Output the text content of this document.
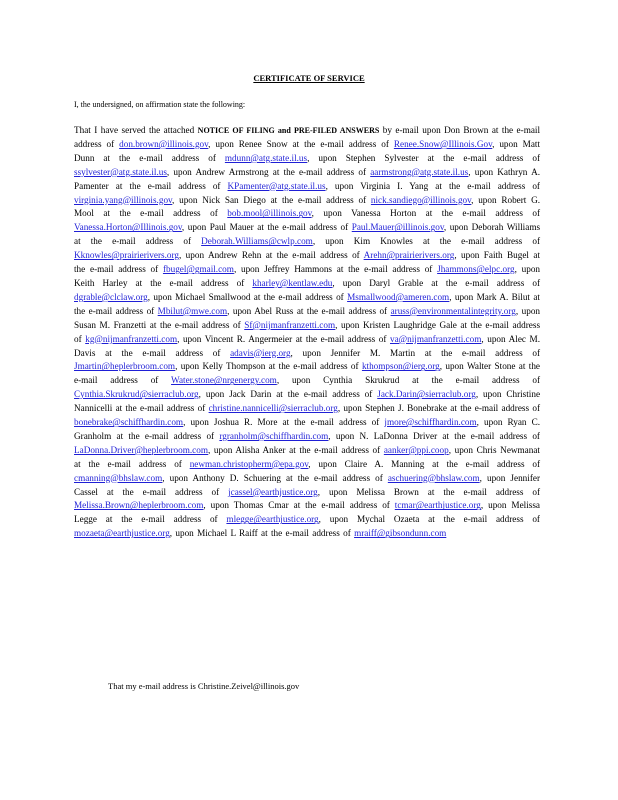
CERTIFICATE OF SERVICE
I, the undersigned, on affirmation state the following:
That I have served the attached NOTICE OF FILING and PRE-FILED ANSWERS by e-mail upon Don Brown at the e-mail address of don.brown@illinois.gov, upon Renee Snow at the e-mail address of Renee.Snow@Illinois.Gov, upon Matt Dunn at the e-mail address of mdunn@atg.state.il.us, upon Stephen Sylvester at the e-mail address of ssylvester@atg.state.il.us, upon Andrew Armstrong at the e-mail address of aarmstrong@atg.state.il.us, upon Kathryn A. Pamenter at the e-mail address of KPamenter@atg.state.il.us, upon Virginia I. Yang at the e-mail address of virginia.yang@illinois.gov, upon Nick San Diego at the e-mail address of nick.sandiego@illinois.gov, upon Robert G. Mool at the e-mail address of bob.mool@illinois.gov, upon Vanessa Horton at the e-mail address of Vanessa.Horton@Illinois.gov, upon Paul Mauer at the e-mail address of Paul.Mauer@illinois.gov, upon Deborah Williams at the e-mail address of Deborah.Williams@cwlp.com, upon Kim Knowles at the e-mail address of Kknowles@prairierivers.org, upon Andrew Rehn at the e-mail address of Arehn@prairierivers.org, upon Faith Bugel at the e-mail address of fbugel@gmail.com, upon Jeffrey Hammons at the e-mail address of Jhammons@elpc.org, upon Keith Harley at the e-mail address of kharley@kentlaw.edu, upon Daryl Grable at the e-mail address of dgrable@clclaw.org, upon Michael Smallwood at the e-mail address of Msmallwood@ameren.com, upon Mark A. Bilut at the e-mail address of Mbilut@mwe.com, upon Abel Russ at the e-mail address of aruss@environmentalintegrity.org, upon Susan M. Franzetti at the e-mail address of Sf@nijmanfranzetti.com, upon Kristen Laughridge Gale at the e-mail address of kg@nijmanfranzetti.com, upon Vincent R. Angermeier at the e-mail address of va@nijmanfranzetti.com, upon Alec M. Davis at the e-mail address of adavis@ierg.org, upon Jennifer M. Martin at the e-mail address of Jmartin@heplerbroom.com, upon Kelly Thompson at the e-mail address of kthompson@ierg.org, upon Walter Stone at the e-mail address of Water.stone@nrgenergy.com, upon Cynthia Skrukrud at the e-mail address of Cynthia.Skrukrud@sierraclub.org, upon Jack Darin at the e-mail address of Jack.Darin@sierraclub.org, upon Christine Nannicelli at the e-mail address of christine.nannicelli@sierraclub.org, upon Stephen J. Bonebrake at the e-mail address of bonebrake@schiffhardin.com, upon Joshua R. More at the e-mail address of jmore@schiffhardin.com, upon Ryan C. Granholm at the e-mail address of rgranholm@schiffhardin.com, upon N. LaDonna Driver at the e-mail address of LaDonna.Driver@heplerbroom.com, upon Alisha Anker at the e-mail address of aanker@ppi.coop, upon Chris Newmanat at the e-mail address of newman.christopherm@epa.gov, upon Claire A. Manning at the e-mail address of cmanning@bhslaw.com, upon Anthony D. Schuering at the e-mail address of aschuering@bhslaw.com, upon Jennifer Cassel at the e-mail address of jcassel@earthjustice.org, upon Melissa Brown at the e-mail address of Melissa.Brown@heplerbroom.com, upon Thomas Cmar at the e-mail address of tcmar@earthjustice.org, upon Melissa Legge at the e-mail address of mlegge@earthjustice.org, upon Mychal Ozaeta at the e-mail address of mozaeta@earthjustice.org, upon Michael L Raiff at the e-mail address of mraiff@gibsondunn.com
That my e-mail address is Christine.Zeivel@illinois.gov
